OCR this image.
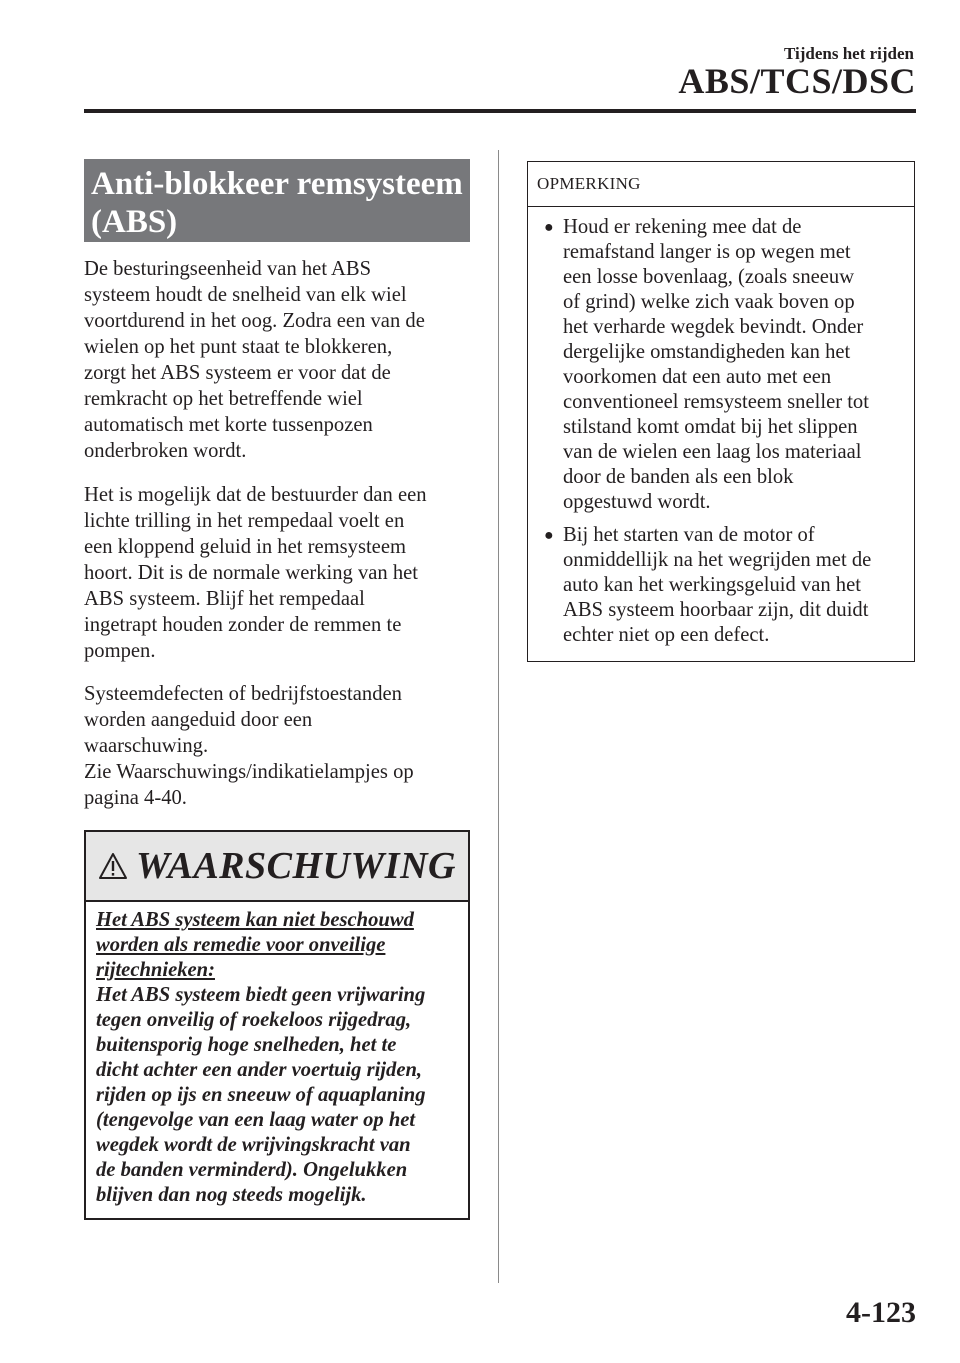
Tijdens het rijden
ABS/TCS/DSC
Anti-blokkeer remsysteem
(ABS)

De besturingseenheid van het ABS

systeem houdt de snelheid van elk wiel

voortdurend in het oog. Zodra een van de

wielen op het punt staat te blokkeren,

zorgt het ABS systeem er voor dat de

remkracht op het betreffende wiel

automatisch met korte tussenpozen

onderbroken wordt.

Het is mogelijk dat de bestuurder dan een

lichte trilling in het rempedaal voelt en

een kloppend geluid in het remsysteem

hoort. Dit is de normale werking van het

ABS systeem. Blijf het rempedaal

ingetrapt houden zonder de remmen te

pompen.

Systeemdefecten of bedrijfstoestanden

worden aangeduid door een

waarschuwing.

Zie Waarschuwings/indikatielampjes op

pagina 4-40.

WAARSCHUWING

Het ABS systeem kan niet beschouwd

worden als remedie voor onveilige

rijtechnieken:

Het ABS systeem biedt geen vrijwaring

tegen onveilig of roekeloos rijgedrag,

buitensporig hoge snelheden, het te

dicht achter een ander voertuig rijden,

rijden op ijs en sneeuw of aquaplaning

(tengevolge van een laag water op het

wegdek wordt de wrijvingskracht van

de banden verminderd). Ongelukken

blijven dan nog steeds mogelijk.

OPMERKING
● Houd er rekening mee dat de
remafstand langer is op wegen met
een losse bovenlaag, (zoals sneeuw
of grind) welke zich vaak boven op
het verharde wegdek bevindt. Onder
dergelijke omstandigheden kan het
voorkomen dat een auto met een
conventioneel remsysteem sneller tot
stilstand komt omdat bij het slippen
van de wielen een laag los materiaal
door de banden als een blok
opgestuwd wordt.
● Bij het starten van de motor of
onmiddellijk na het wegrijden met de
auto kan het werkingsgeluid van het
ABS systeem hoorbaar zijn, dit duidt
echter niet op een defect.
4-123
